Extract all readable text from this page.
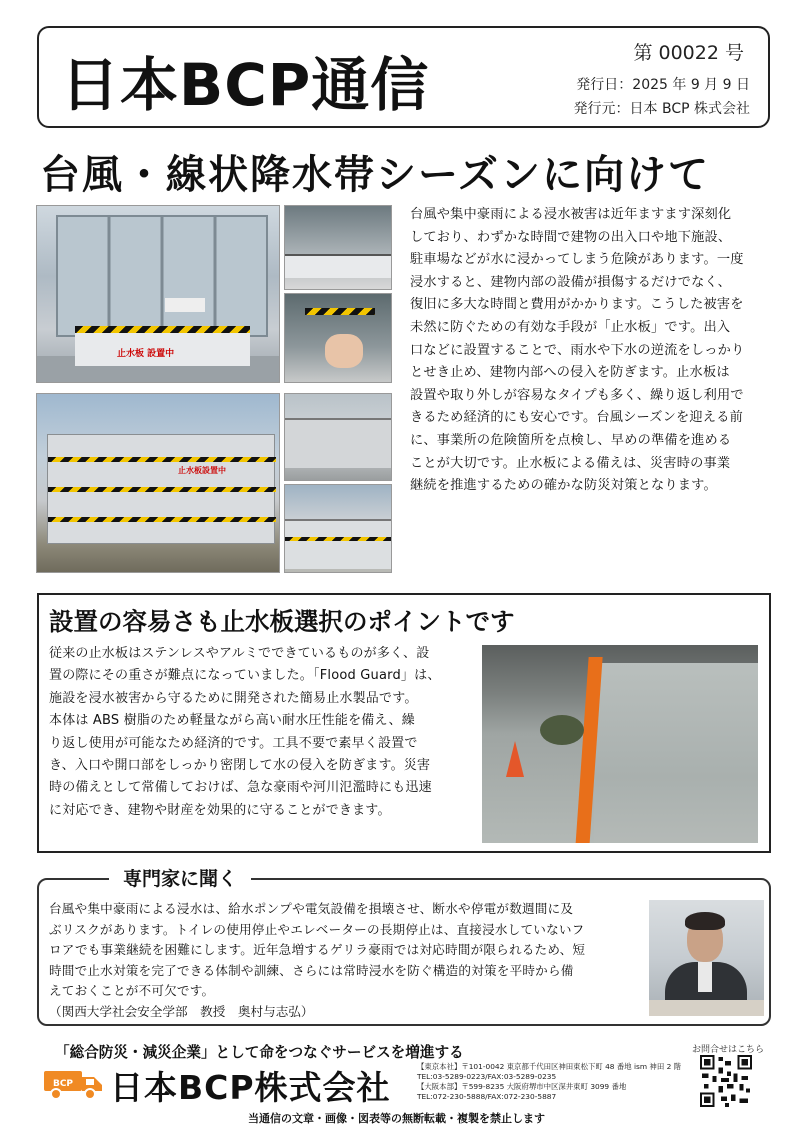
日本BCP通信	第 00022 号
発行日：2025 年 9 月 9 日
発行元：日本 BCP 株式会社
台風・線状降水帯シーズンに向けて
止水板 設置中
止水板設置中
台風や集中豪雨による浸水被害は近年ますます深刻化
しており、わずかな時間で建物の出入口や地下施設、
駐車場などが水に浸かってしまう危険があります。一度
浸水すると、建物内部の設備が損傷するだけでなく、
復旧に多大な時間と費用がかかります。こうした被害を
未然に防ぐための有効な手段が「止水板」です。出入
口などに設置することで、雨水や下水の逆流をしっかり
とせき止め、建物内部への侵入を防ぎます。止水板は
設置や取り外しが容易なタイプも多く、繰り返し利用で
きるため経済的にも安心です。台風シーズンを迎える前
に、事業所の危険箇所を点検し、早めの準備を進める
ことが大切です。止水板による備えは、災害時の事業
継続を推進するための確かな防災対策となります。
設置の容易さも止水板選択のポイントです
従来の止水板はステンレスやアルミでできているものが多く、設
置の際にその重さが難点になっていました。「Flood Guard」は、
施設を浸水被害から守るために開発された簡易止水製品です。
本体は ABS 樹脂のため軽量ながら高い耐水圧性能を備え、繰
り返し使用が可能なため経済的です。工具不要で素早く設置で
き、入口や開口部をしっかり密閉して水の侵入を防ぎます。災害
時の備えとして常備しておけば、急な豪雨や河川氾濫時にも迅速
に対応でき、建物や財産を効果的に守ることができます。
専門家に聞く
台風や集中豪雨による浸水は、給水ポンプや電気設備を損壊させ、断水や停電が数週間に及
ぶリスクがあります。トイレの使用停止やエレベーターの長期停止は、直接浸水していないフ
ロアでも事業継続を困難にします。近年急増するゲリラ豪雨では対応時間が限られるため、短
時間で止水対策を完了できる体制や訓練、さらには常時浸水を防ぐ構造的対策を平時から備
えておくことが不可欠です。
（関西大学社会安全学部　教授　奥村与志弘）
「総合防災・減災企業」として命をつなぐサービスを増進する
BCP 日本BCP株式会社
【東京本社】〒101-0042 東京都千代田区神田東松下町 48 番地 ism 神田 2 階
TEL:03-5289-0223/FAX:03-5289-0235
【大阪本部】〒599-8235 大阪府堺市中区深井東町 3099 番地
TEL:072-230-5888/FAX:072-230-5887
お問合せはこちら
当通信の文章・画像・図表等の無断転載・複製を禁止します
